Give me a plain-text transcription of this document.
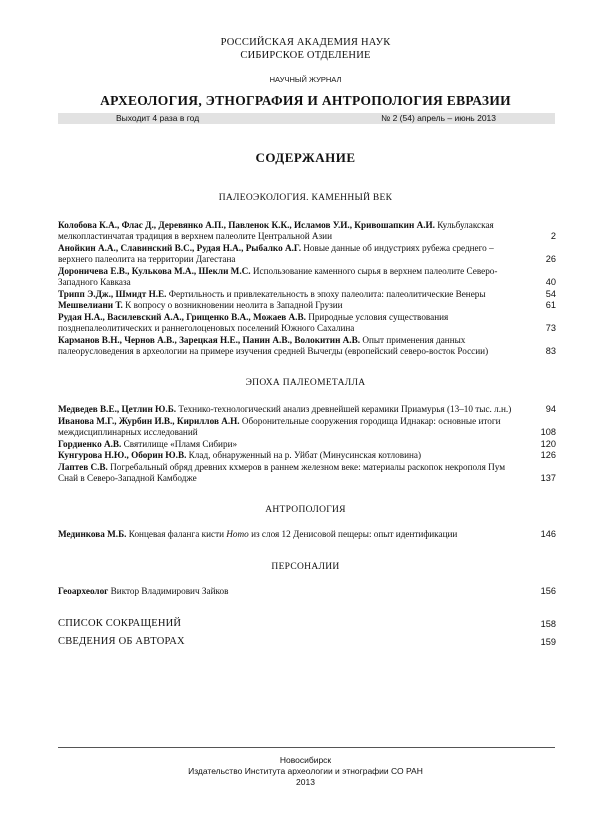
РОССИЙСКАЯ АКАДЕМИЯ НАУК
СИБИРСКОЕ ОТДЕЛЕНИЕ
НАУЧНЫЙ ЖУРНАЛ
АРХЕОЛОГИЯ, ЭТНОГРАФИЯ И АНТРОПОЛОГИЯ ЕВРАЗИИ
Выходит 4 раза в год	№ 2 (54) апрель – июнь 2013
СОДЕРЖАНИЕ
ПАЛЕОЭКОЛОГИЯ. КАМЕННЫЙ ВЕК
Колобова К.А., Флас Д., Деревянко А.П., Павленок К.К., Исламов У.И., Кривошапкин А.И. Кульбулакская мелкопластинчатая традиция в верхнем палеолите Центральной Азии	2
Анойкин А.А., Славинский В.С., Рудая Н.А., Рыбалко А.Г. Новые данные об индустриях рубежа среднего – верхнего палеолита на территории Дагестана	26
Дороничева Е.В., Кулькова М.А., Шекли М.С. Использование каменного сырья в верхнем палеолите Северо-Западного Кавказа	40
Трипп Э.Дж., Шмидт Н.Е. Фертильность и привлекательность в эпоху палеолита: палеолитические Венеры	54
Мешвелиани Т. К вопросу о возникновении неолита в Западной Грузии	61
Рудая Н.А., Василевский А.А., Грищенко В.А., Можаев А.В. Природные условия существования позднепалеолитических и раннеголоценовых поселений Южного Сахалина	73
Карманов В.Н., Чернов А.В., Зарецкая Н.Е., Панин А.В., Волокитин А.В. Опыт применения данных палеорусловедения в археологии на примере изучения средней Вычегды (европейский северо-восток России)	83
ЭПОХА ПАЛЕОМЕТАЛЛА
Медведев В.Е., Цетлин Ю.Б. Технико-технологический анализ древнейшей керамики Приамурья (13–10 тыс. л.н.)	94
Иванова М.Г., Журбин И.В., Кириллов А.Н. Оборонительные сооружения городища Иднакар: основные итоги междисциплинарных исследований	108
Гордиенко А.В. Святилище «Пламя Сибири»	120
Кунгурова Н.Ю., Оборин Ю.В. Клад, обнаруженный на р. Уйбат (Минусинская котловина)	126
Лаптев С.В. Погребальный обряд древних кхмеров в раннем железном веке: материалы раскопок некрополя Пум Снай в Северо-Западной Камбодже	137
АНТРОПОЛОГИЯ
Мединкова М.Б. Концевая фаланга кисти Homo из слоя 12 Денисовой пещеры: опыт идентификации	146
ПЕРСОНАЛИИ
Геоархеолог Виктор Владимирович Зайков	156
СПИСОК СОКРАЩЕНИЙ	158
СВЕДЕНИЯ ОБ АВТОРАХ	159
Новосибирск
Издательство Института археологии и этнографии СО РАН
2013
